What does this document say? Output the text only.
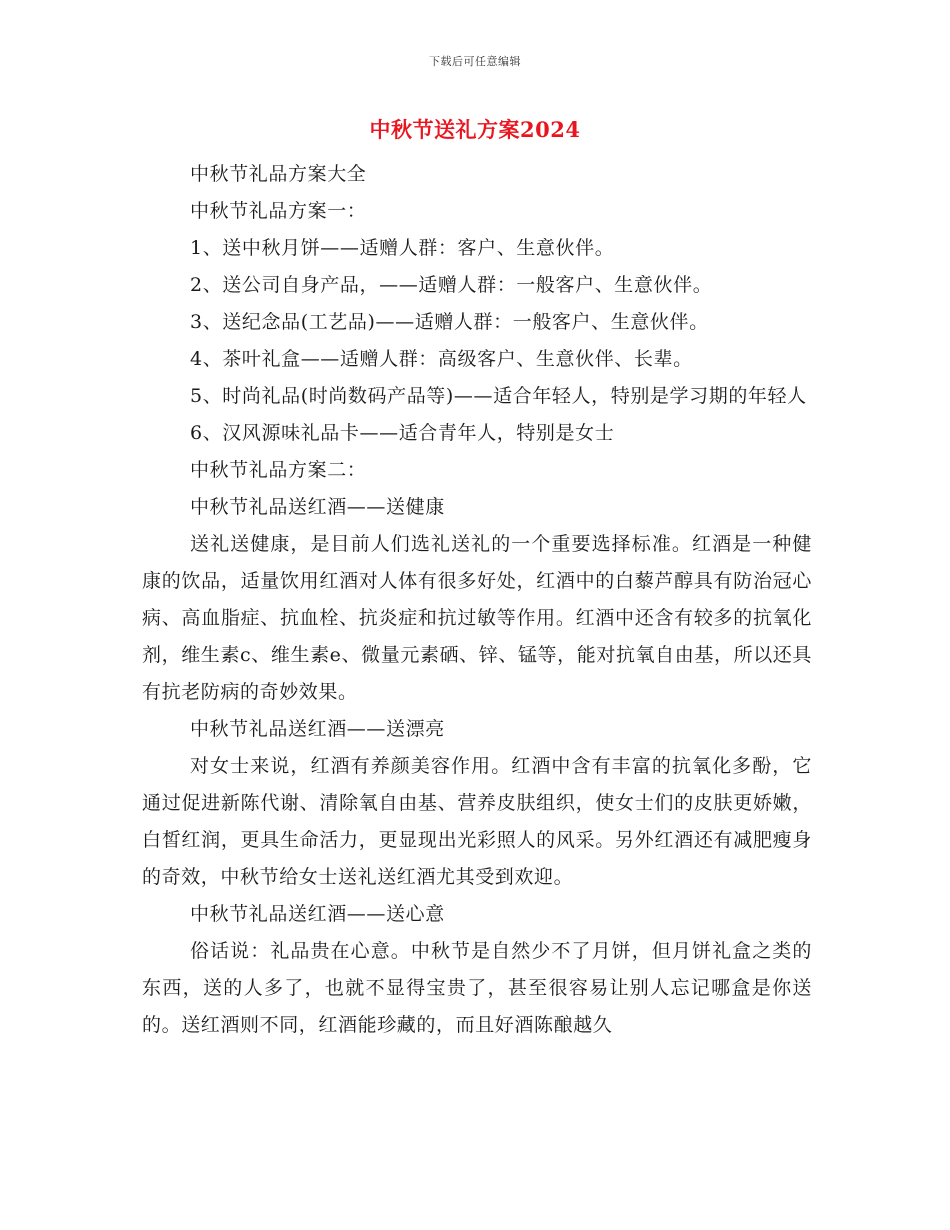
下载后可任意编辑
中秋节送礼方案2024

中秋节礼品方案大全

中秋节礼品方案一：

1、送中秋月饼——适赠人群：客户、生意伙伴。

2、送公司自身产品，——适赠人群：一般客户、生意伙伴。

3、送纪念品(工艺品)——适赠人群：一般客户、生意伙伴。

4、茶叶礼盒——适赠人群：高级客户、生意伙伴、长辈。

5、时尚礼品(时尚数码产品等)——适合年轻人，特别是学习期的年轻人

6、汉风源味礼品卡——适合青年人，特别是女士

中秋节礼品方案二：

中秋节礼品送红酒——送健康

送礼送健康，是目前人们选礼送礼的一个重要选择标准。红酒是一种健康的饮品，适量饮用红酒对人体有很多好处，红酒中的白藜芦醇具有防治冠心病、高血脂症、抗血栓、抗炎症和抗过敏等作用。红酒中还含有较多的抗氧化剂，维生素c、维生素e、微量元素硒、锌、锰等，能对抗氧自由基，所以还具有抗老防病的奇妙效果。

中秋节礼品送红酒——送漂亮

对女士来说，红酒有养颜美容作用。红酒中含有丰富的抗氧化多酚，它通过促进新陈代谢、清除氧自由基、营养皮肤组织，使女士们的皮肤更娇嫩，白皙红润，更具生命活力，更显现出光彩照人的风采。另外红酒还有减肥瘦身的奇效，中秋节给女士送礼送红酒尤其受到欢迎。

中秋节礼品送红酒——送心意

俗话说：礼品贵在心意。中秋节是自然少不了月饼，但月饼礼盒之类的东西，送的人多了，也就不显得宝贵了，甚至很容易让别人忘记哪盒是你送的。送红酒则不同，红酒能珍藏的，而且好酒陈酿越久
